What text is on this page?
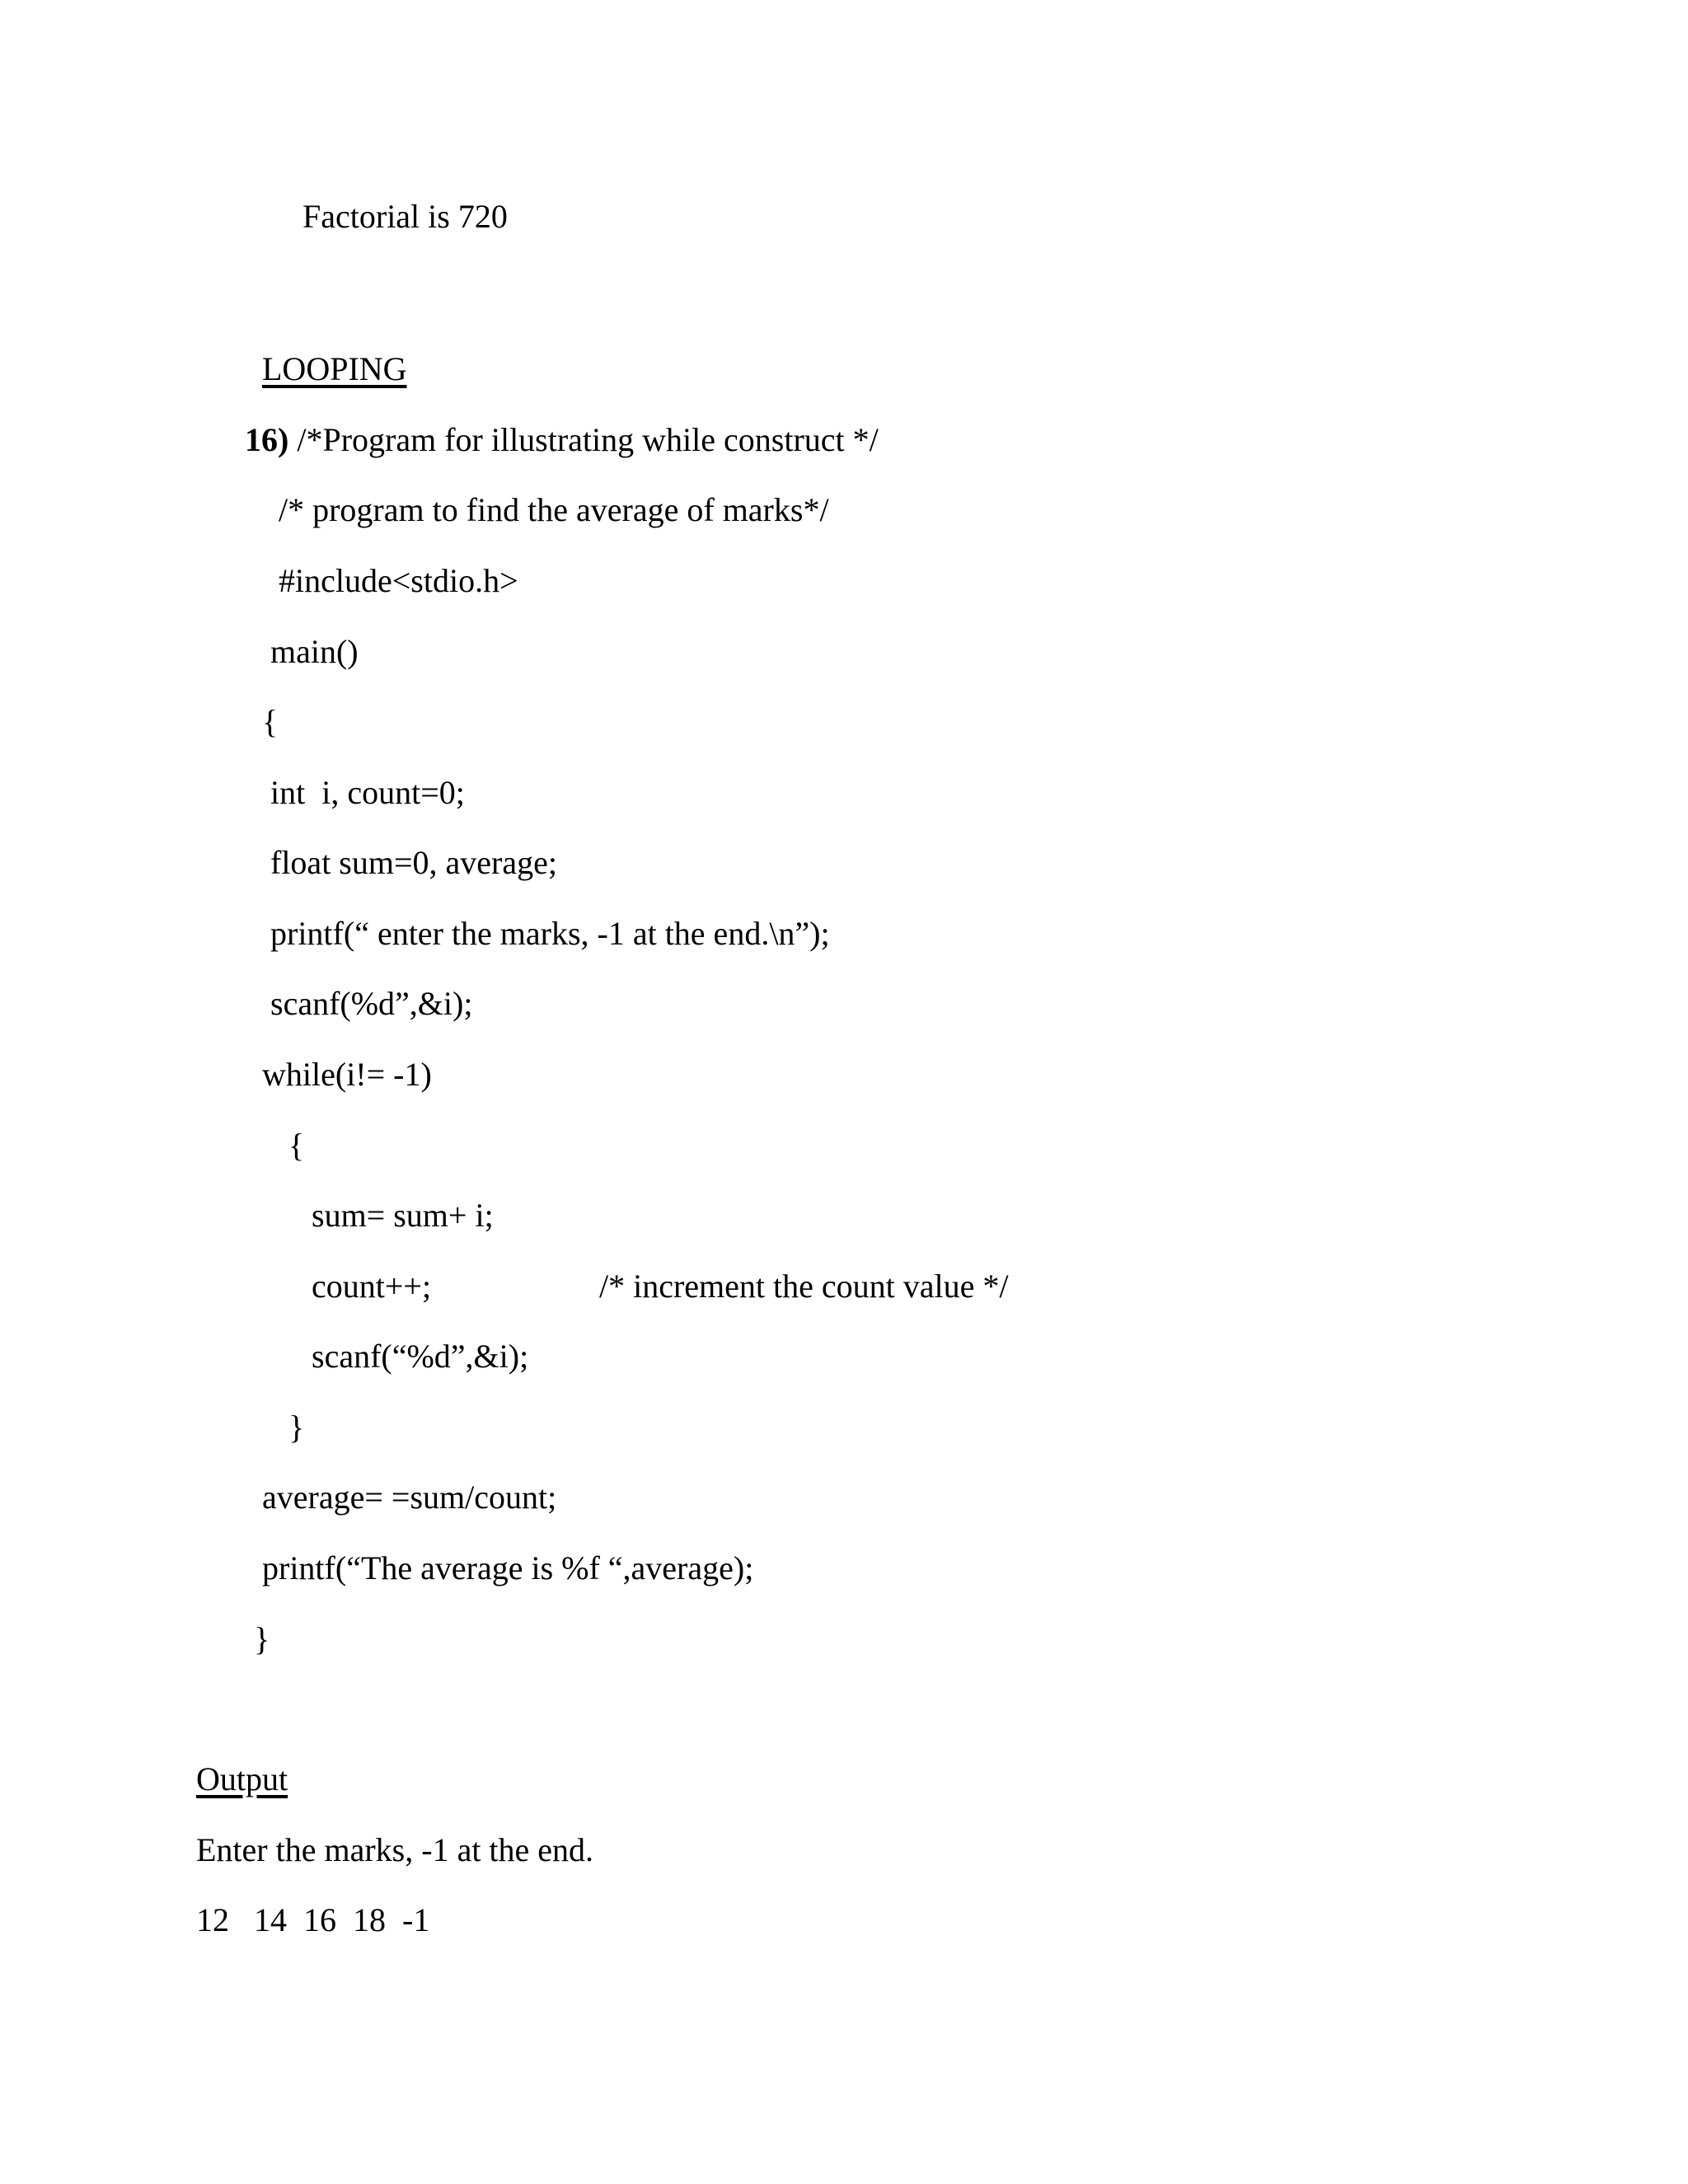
Factorial is 720
LOOPING
16) /*Program for illustrating while construct */
/* program to find the average of marks*/
#include<stdio.h>
main()
{
int  i, count=0;
float sum=0, average;
printf(“ enter the marks, -1 at the end.\n”);
scanf(%d”,&i);
while(i!= -1)
{
sum= sum+ i;
count++;	/* increment the count value */
scanf(“%d”,&i);
}
average= =sum/count;
printf(“The average is %f “,average);
}
Output
Enter the marks, -1 at the end.
12   14  16  18  -1
